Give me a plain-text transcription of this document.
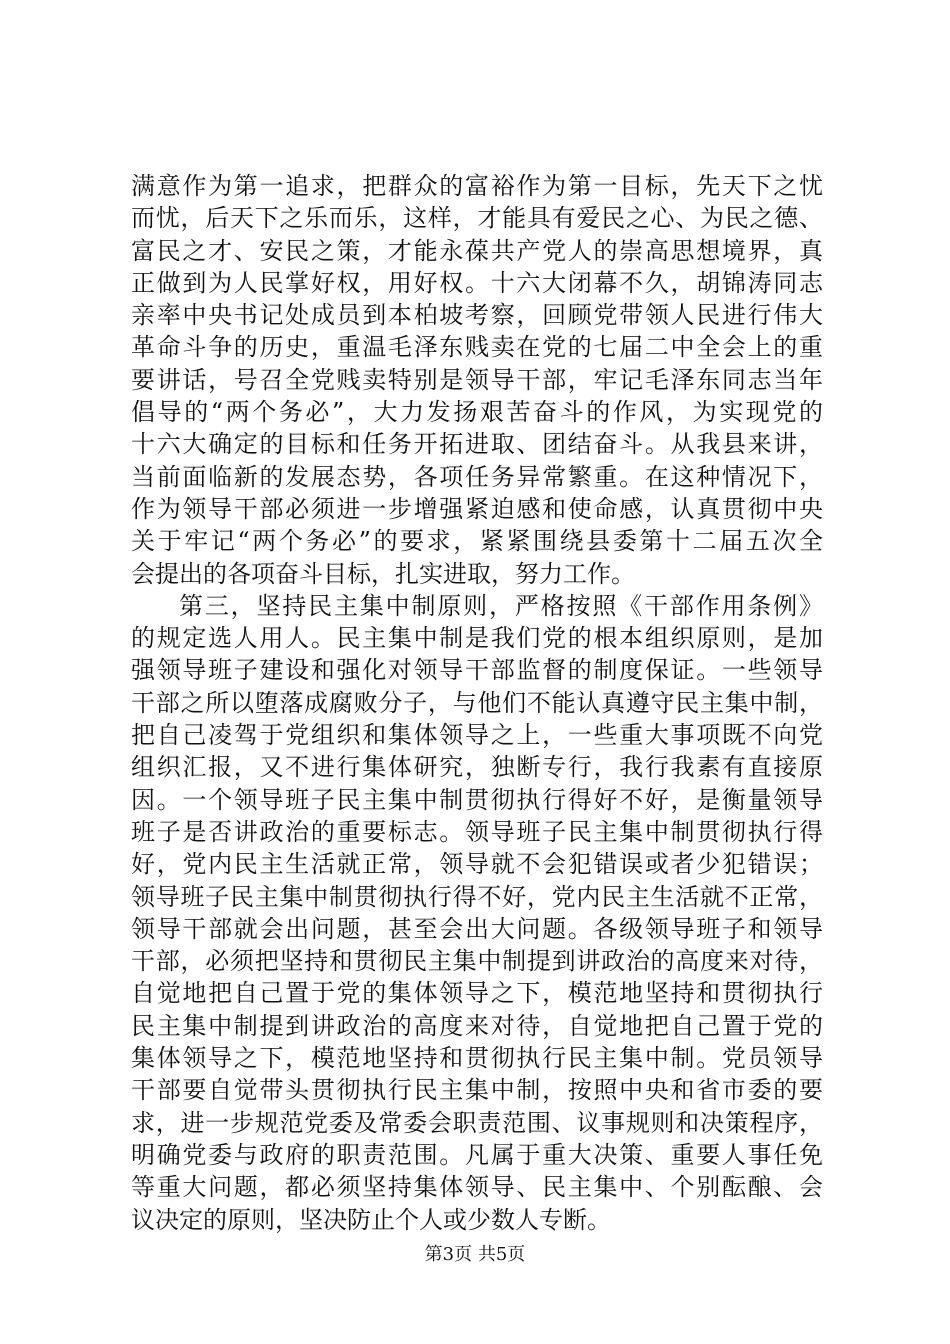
满意作为第一追求，把群众的富裕作为第一目标，先天下之忧
而忧，后天下之乐而乐，这样，才能具有爱民之心、为民之德、
富民之才、安民之策，才能永葆共产党人的崇高思想境界，真
正做到为人民掌好权，用好权。十六大闭幕不久，胡锦涛同志
亲率中央书记处成员到本柏坡考察，回顾党带领人民进行伟大
革命斗争的历史，重温毛泽东贱卖在党的七届二中全会上的重
要讲话，号召全党贱卖特别是领导干部，牢记毛泽东同志当年
倡导的“两个务必”，大力发扬艰苦奋斗的作风，为实现党的
十六大确定的目标和任务开拓进取、团结奋斗。从我县来讲，
当前面临新的发展态势，各项任务异常繁重。在这种情况下，
作为领导干部必须进一步增强紧迫感和使命感，认真贯彻中央
关于牢记“两个务必”的要求，紧紧围绕县委第十二届五次全
会提出的各项奋斗目标，扎实进取，努力工作。
第三，坚持民主集中制原则，严格按照《干部作用条例》
的规定选人用人。民主集中制是我们党的根本组织原则，是加
强领导班子建设和强化对领导干部监督的制度保证。一些领导
干部之所以堕落成腐败分子，与他们不能认真遵守民主集中制，
把自己凌驾于党组织和集体领导之上，一些重大事项既不向党
组织汇报，又不进行集体研究，独断专行，我行我素有直接原
因。一个领导班子民主集中制贯彻执行得好不好，是衡量领导
班子是否讲政治的重要标志。领导班子民主集中制贯彻执行得
好，党内民主生活就正常，领导就不会犯错误或者少犯错误；
领导班子民主集中制贯彻执行得不好，党内民主生活就不正常，
领导干部就会出问题，甚至会出大问题。各级领导班子和领导
干部，必须把坚持和贯彻民主集中制提到讲政治的高度来对待，
自觉地把自己置于党的集体领导之下，模范地坚持和贯彻执行
民主集中制提到讲政治的高度来对待，自觉地把自己置于党的
集体领导之下，模范地坚持和贯彻执行民主集中制。党员领导
干部要自觉带头贯彻执行民主集中制，按照中央和省市委的要
求，进一步规范党委及常委会职责范围、议事规则和决策程序，
明确党委与政府的职责范围。凡属于重大决策、重要人事任免
等重大问题，都必须坚持集体领导、民主集中、个别酝酿、会
议决定的原则，坚决防止个人或少数人专断。
第3页 共5页
